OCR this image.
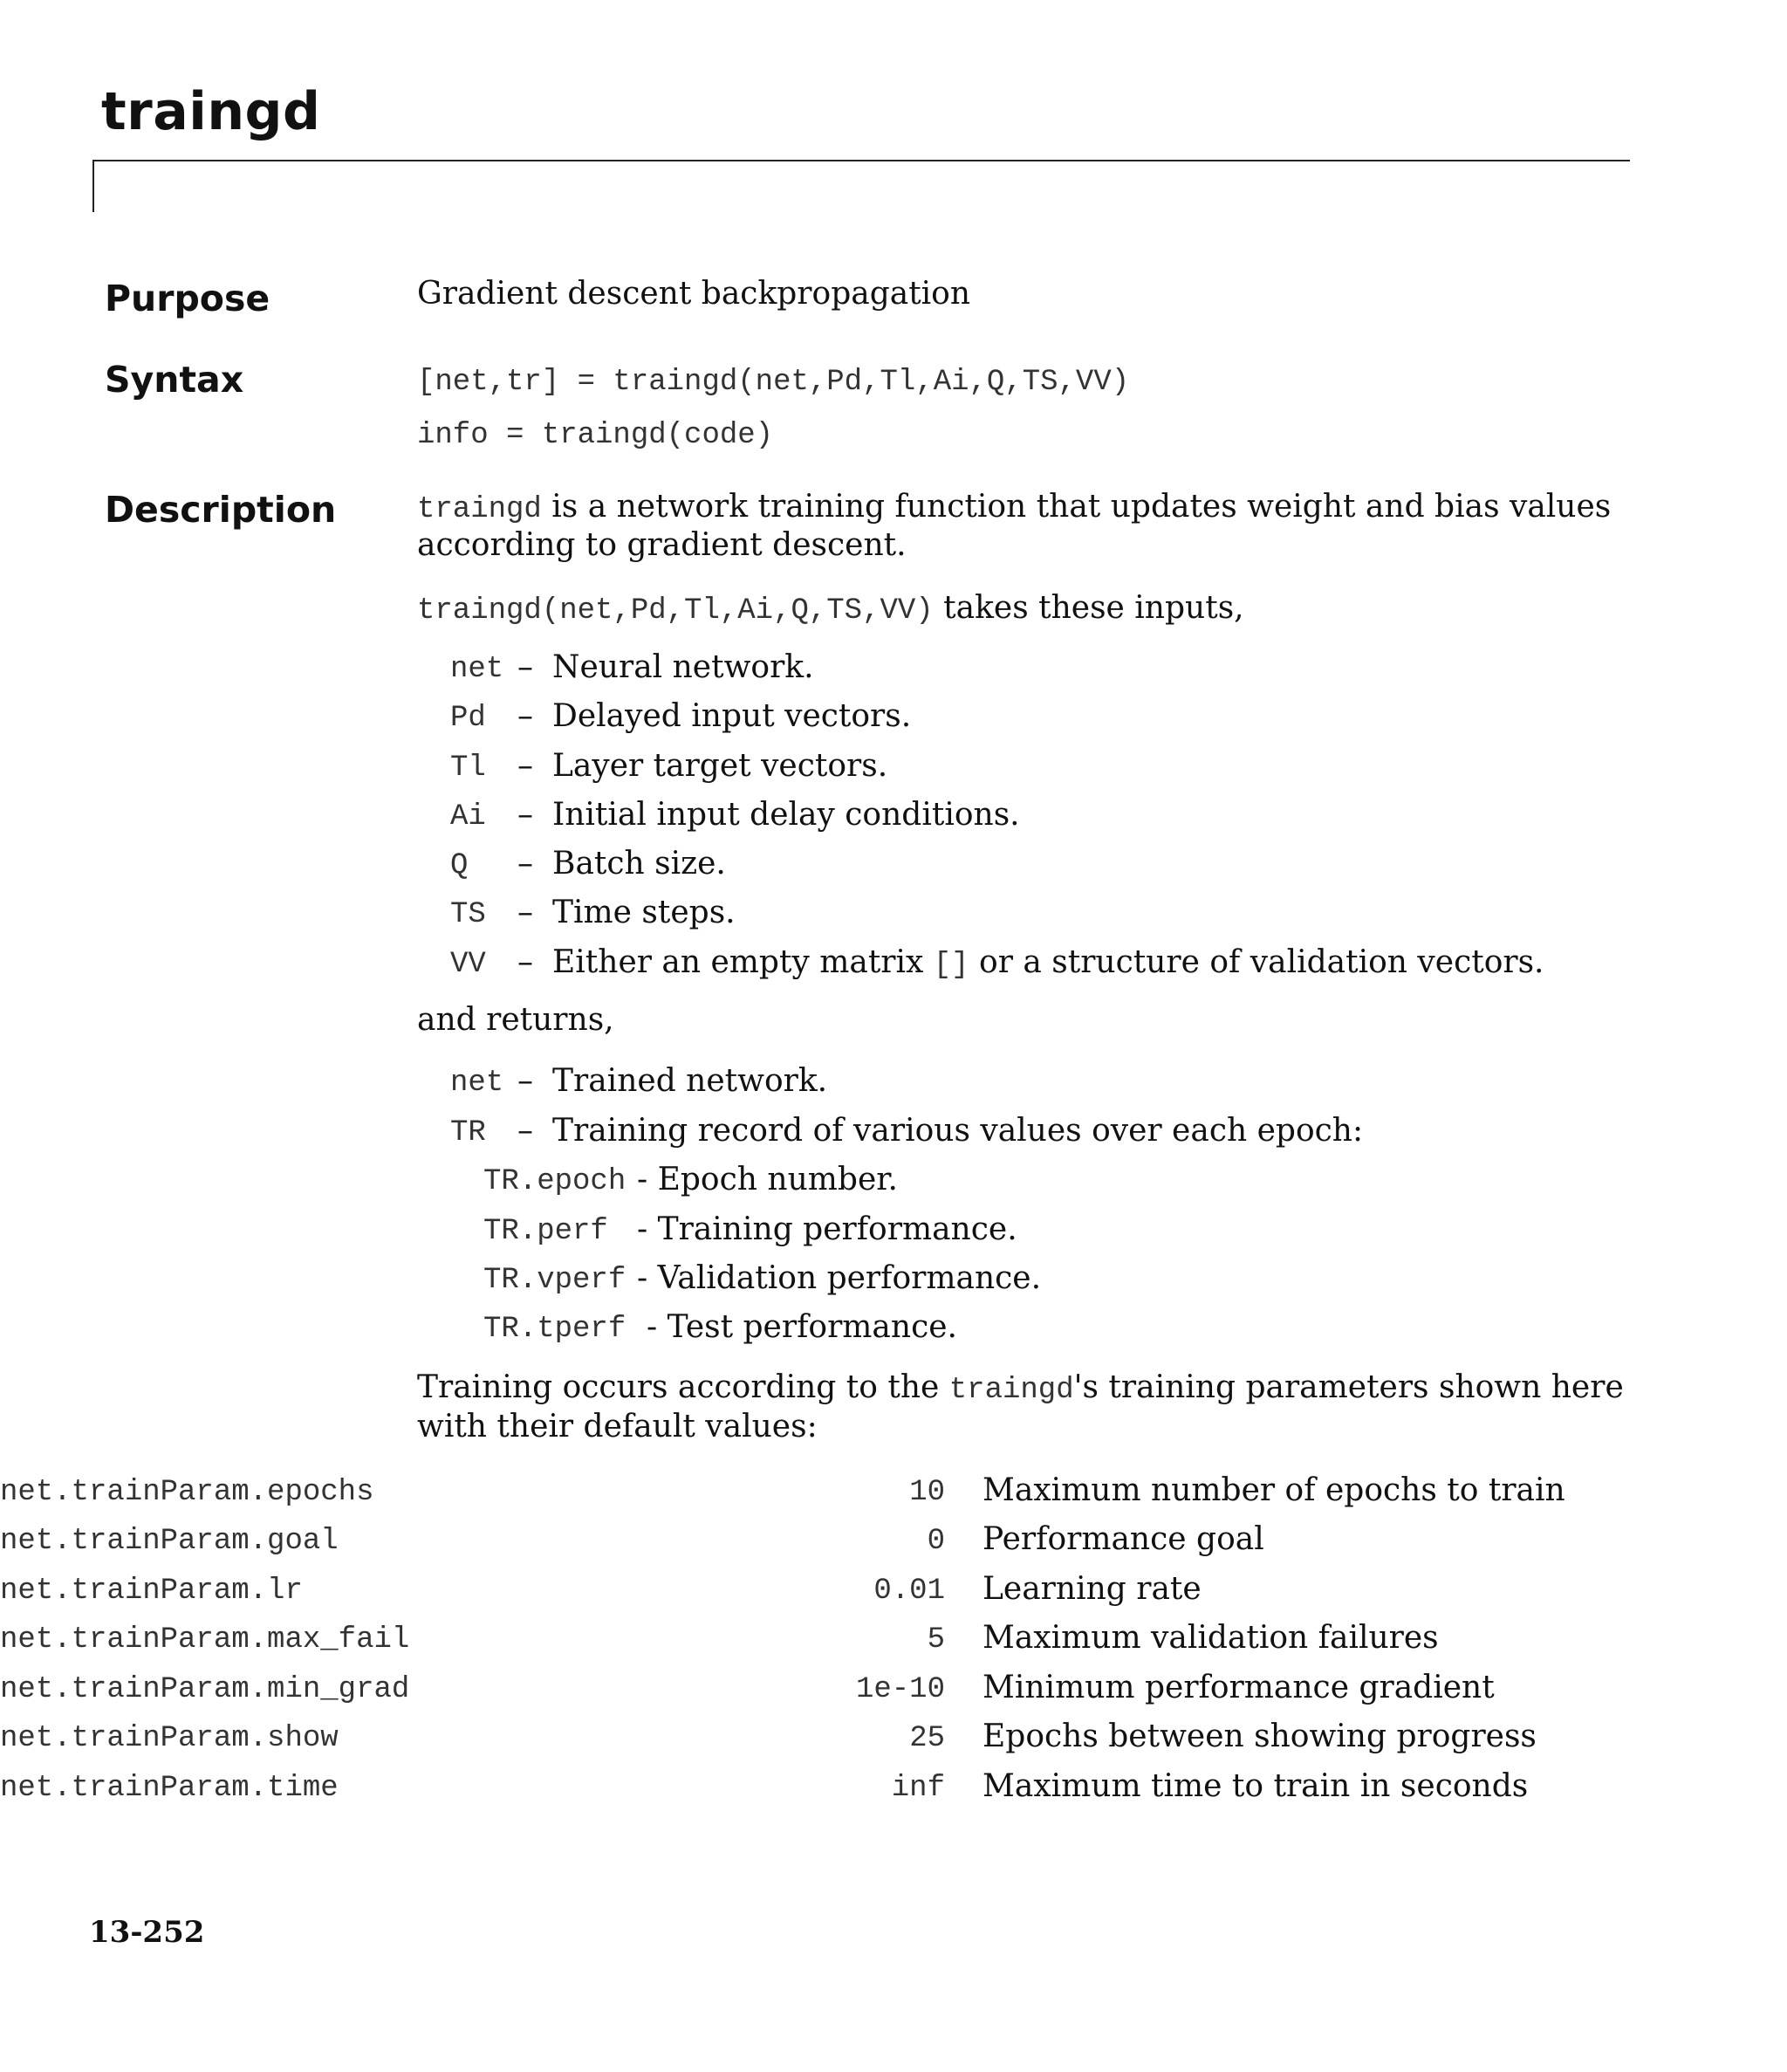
traingd
Purpose	Gradient descent backpropagation
Syntax	[net,tr] = traingd(net,Pd,Tl,Ai,Q,TS,VV)
info = traingd(code)
Description	traingd is a network training function that updates weight and bias values
according to gradient descent.
traingd(net,Pd,Tl,Ai,Q,TS,VV) takes these inputs,
net – Neural network.
Pd – Delayed input vectors.
Tl – Layer target vectors.
Ai – Initial input delay conditions.
Q – Batch size.
TS – Time steps.
VV – Either an empty matrix [] or a structure of validation vectors.
and returns,
net – Trained network.
TR – Training record of various values over each epoch:
TR.epoch - Epoch number.
TR.perf - Training performance.
TR.vperf - Validation performance.
TR.tperf - Test performance.
Training occurs according to the traingd's training parameters shown here
with their default values:
net.trainParam.epochs	10 Maximum number of epochs to train
net.trainParam.goal	0 Performance goal
net.trainParam.lr	0.01 Learning rate
net.trainParam.max_fail	5 Maximum validation failures
net.trainParam.min_grad	1e-10 Minimum performance gradient
net.trainParam.show	25 Epochs between showing progress
net.trainParam.time	inf Maximum time to train in seconds

13-252
